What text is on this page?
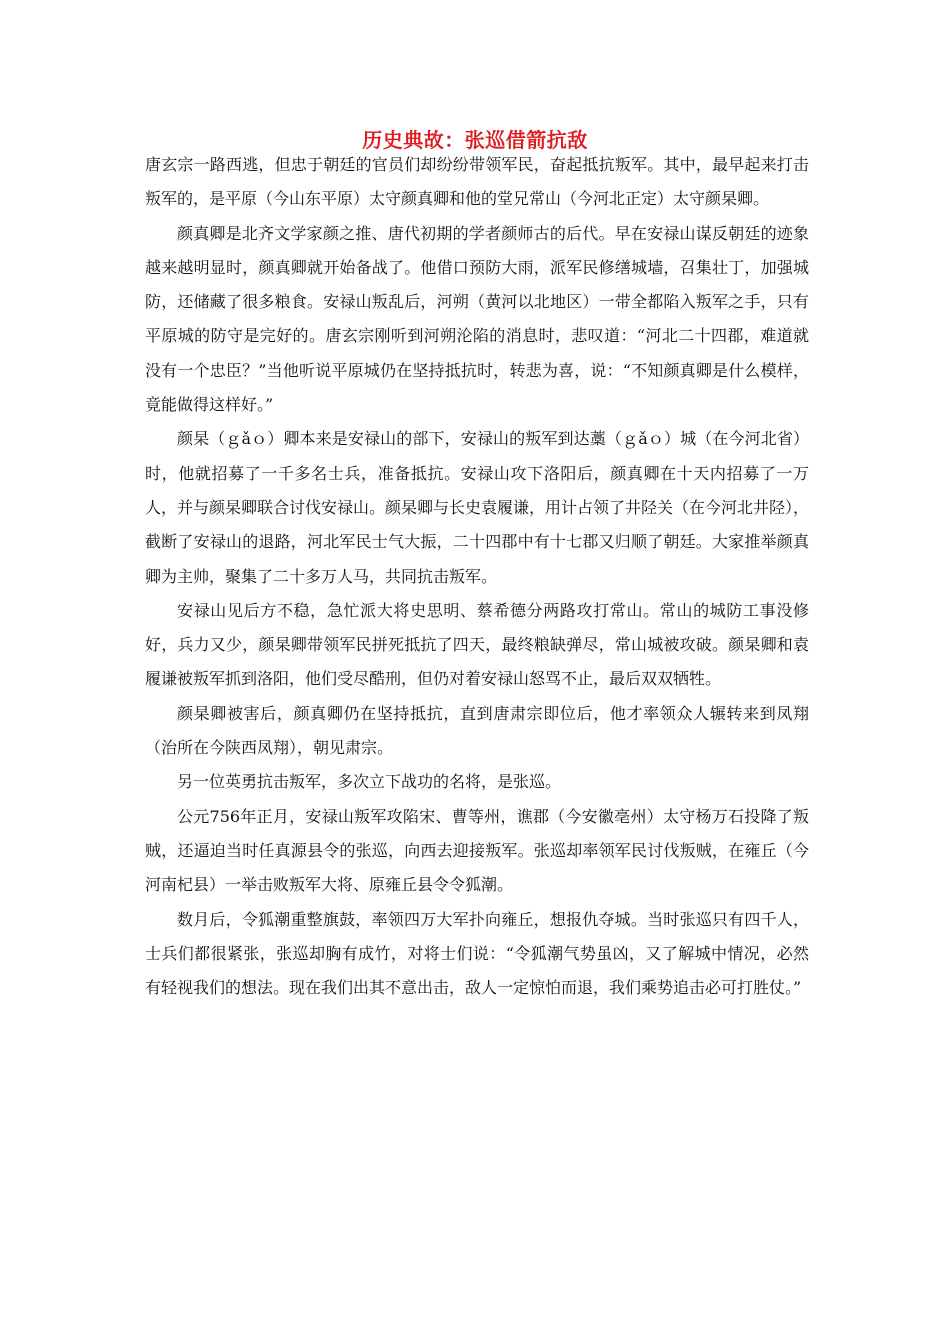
历史典故：张巡借箭抗敌

唐玄宗一路西逃，但忠于朝廷的官员们却纷纷带领军民，奋起抵抗叛军。其中，最早起来打击叛军的，是平原（今山东平原）太守颜真卿和他的堂兄常山（今河北正定）太守颜杲卿。

颜真卿是北齐文学家颜之推、唐代初期的学者颜师古的后代。早在安禄山谋反朝廷的迹象越来越明显时，颜真卿就开始备战了。他借口预防大雨，派军民修缮城墙，召集壮丁，加强城防，还储藏了很多粮食。安禄山叛乱后，河朔（黄河以北地区）一带全都陷入叛军之手，只有平原城的防守是完好的。唐玄宗刚听到河朔沦陷的消息时，悲叹道：“河北二十四郡，难道就没有一个忠臣？”当他听说平原城仍在坚持抵抗时，转悲为喜，说：“不知颜真卿是什么模样，竟能做得这样好。”

颜杲（ｇǎｏ）卿本来是安禄山的部下，安禄山的叛军到达藁（ｇǎｏ）城（在今河北省）时，他就招募了一千多名士兵，准备抵抗。安禄山攻下洛阳后，颜真卿在十天内招募了一万人，并与颜杲卿联合讨伐安禄山。颜杲卿与长史袁履谦，用计占领了井陉关（在今河北井陉），截断了安禄山的退路，河北军民士气大振，二十四郡中有十七郡又归顺了朝廷。大家推举颜真卿为主帅，聚集了二十多万人马，共同抗击叛军。

安禄山见后方不稳，急忙派大将史思明、蔡希德分两路攻打常山。常山的城防工事没修好，兵力又少，颜杲卿带领军民拼死抵抗了四天，最终粮缺弹尽，常山城被攻破。颜杲卿和袁履谦被叛军抓到洛阳，他们受尽酷刑，但仍对着安禄山怒骂不止，最后双双牺牲。

颜杲卿被害后，颜真卿仍在坚持抵抗，直到唐肃宗即位后，他才率领众人辗转来到凤翔（治所在今陕西凤翔），朝见肃宗。

另一位英勇抗击叛军，多次立下战功的名将，是张巡。

公元756年正月，安禄山叛军攻陷宋、曹等州，谯郡（今安徽亳州）太守杨万石投降了叛贼，还逼迫当时任真源县令的张巡，向西去迎接叛军。张巡却率领军民讨伐叛贼，在雍丘（今河南杞县）一举击败叛军大将、原雍丘县令令狐潮。

数月后，令狐潮重整旗鼓，率领四万大军扑向雍丘，想报仇夺城。当时张巡只有四千人，士兵们都很紧张，张巡却胸有成竹，对将士们说：“令狐潮气势虽凶，又了解城中情况，必然有轻视我们的想法。现在我们出其不意出击，敌人一定惊怕而退，我们乘势追击必可打胜仗。”
